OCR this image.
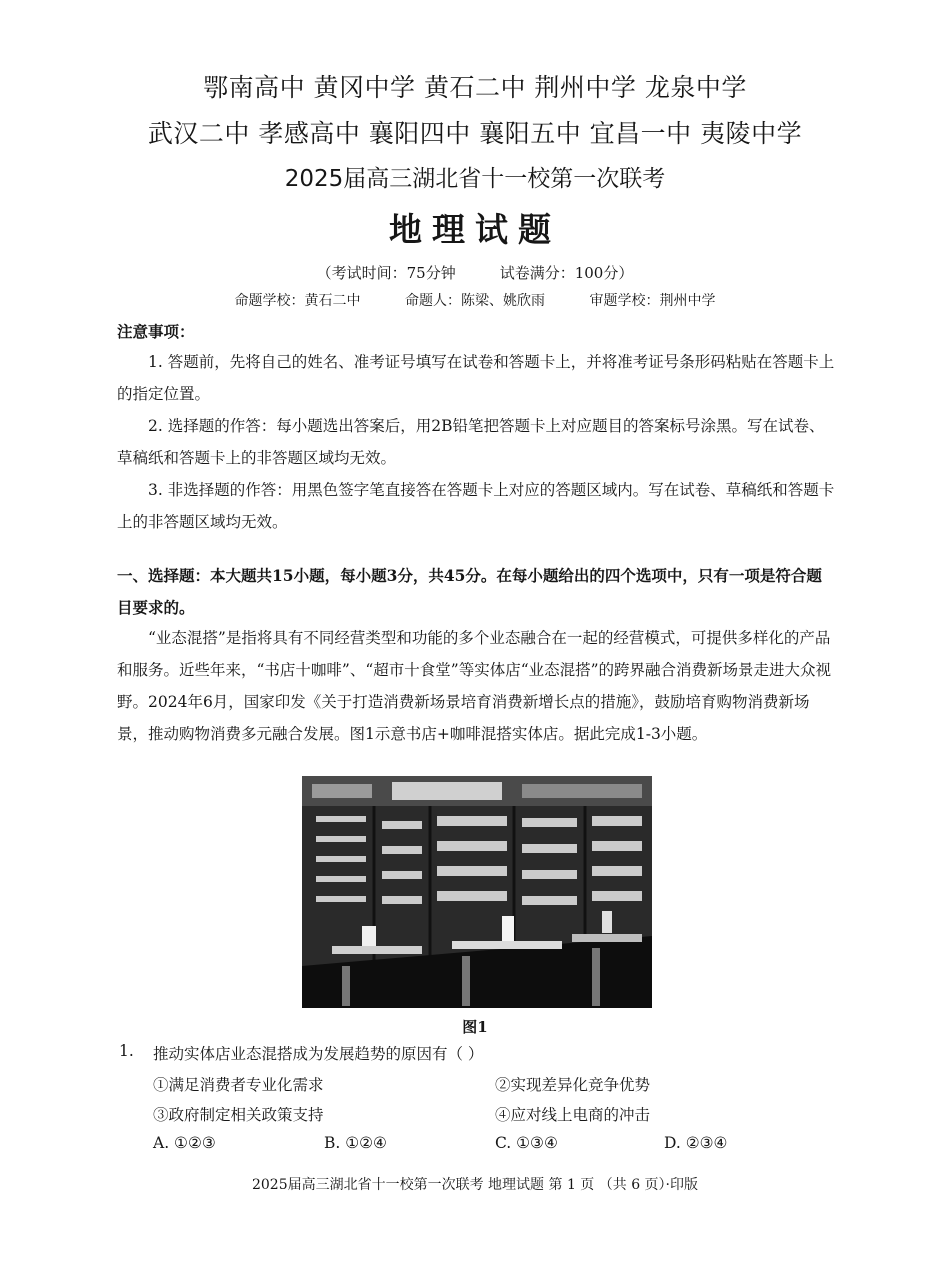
鄂南高中 黄冈中学 黄石二中 荆州中学 龙泉中学
武汉二中 孝感高中 襄阳四中 襄阳五中 宜昌一中 夷陵中学
2025届高三湖北省十一校第一次联考
地理试题
（考试时间：75分钟	试卷满分：100分）
命题学校：黄石二中	命题人：陈梁、姚欣雨	审题学校：荆州中学
注意事项：

1. 答题前，先将自己的姓名、准考证号填写在试卷和答题卡上，并将准考证号条形码粘贴在答题卡上的指定位置。

2. 选择题的作答：每小题选出答案后，用2B铅笔把答题卡上对应题目的答案标号涂黑。写在试卷、草稿纸和答题卡上的非答题区域均无效。

3. 非选择题的作答：用黑色签字笔直接答在答题卡上对应的答题区域内。写在试卷、草稿纸和答题卡上的非答题区域均无效。

一、选择题：本大题共15小题，每小题3分，共45分。在每小题给出的四个选项中，只有一项是符合题目要求的。

“业态混搭”是指将具有不同经营类型和功能的多个业态融合在一起的经营模式，可提供多样化的产品和服务。近些年来，“书店十咖啡”、“超市十食堂”等实体店“业态混搭”的跨界融合消费新场景走进大众视野。2024年6月，国家印发《关于打造消费新场景培育消费新增长点的措施》，鼓励培育购物消费新场景，推动购物消费多元融合发展。图1示意书店+咖啡混搭实体店。据此完成1-3小题。

图1
1. 推动实体店业态混搭成为发展趋势的原因有（ ）
①满足消费者专业化需求	②实现差异化竞争优势
③政府制定相关政策支持	④应对线上电商的冲击
A. ①②③	B. ①②④	C. ①③④	D. ②③④
2025届高三湖北省十一校第一次联考 地理试题 第 1 页 （共 6 页）·印版
